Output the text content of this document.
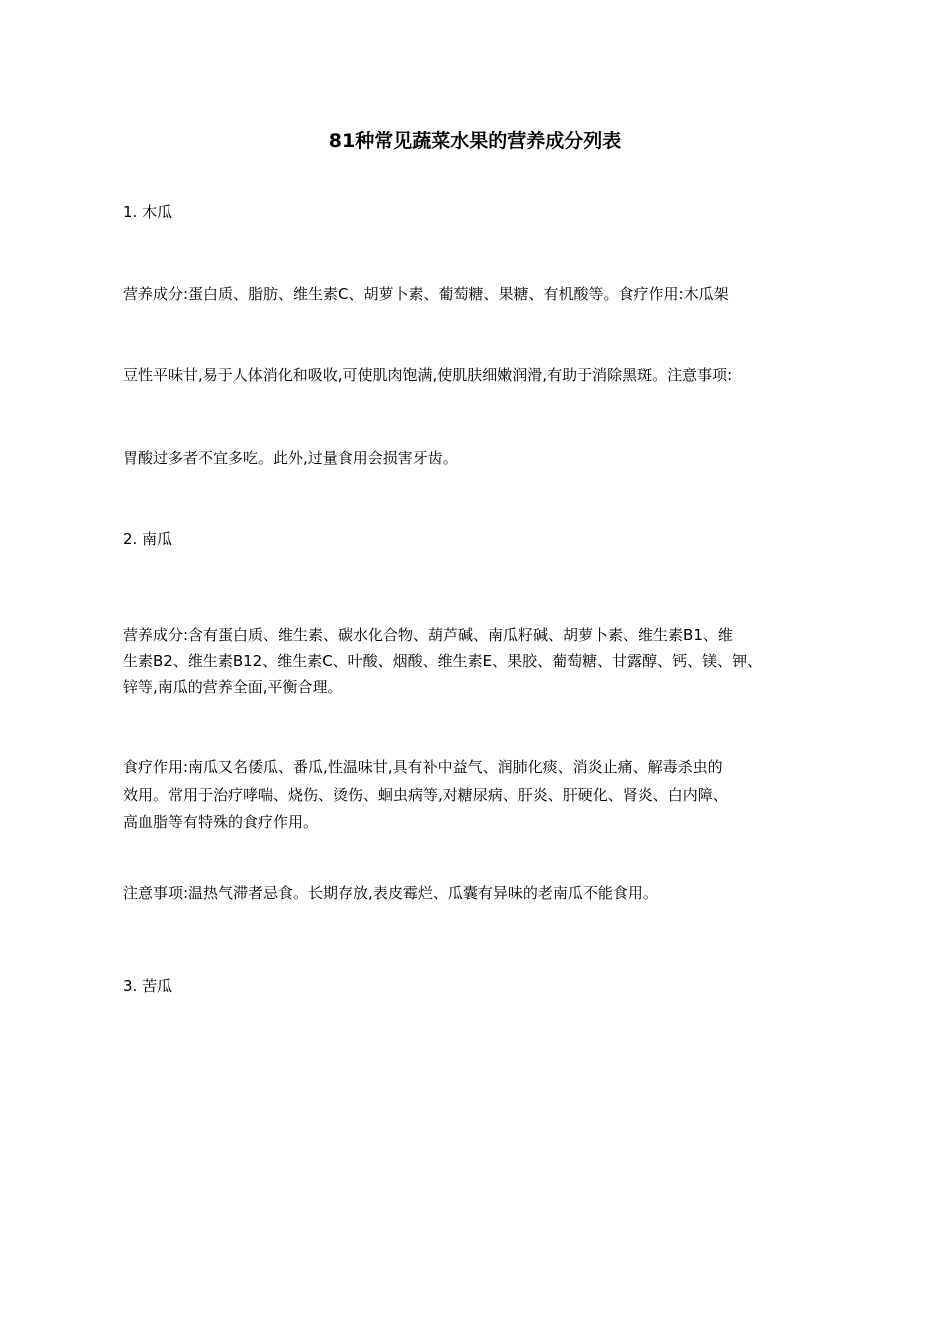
81种常见蔬菜水果的营养成分列表
1. 木瓜
营养成分:蛋白质、脂肪、维生素C、胡萝卜素、葡萄糖、果糖、有机酸等。食疗作用:木瓜架
豆性平味甘,易于人体消化和吸收,可使肌肉饱满,使肌肤细嫩润滑,有助于消除黑斑。注意事项:
胃酸过多者不宜多吃。此外,过量食用会损害牙齿。
2. 南瓜
营养成分:含有蛋白质、维生素、碳水化合物、葫芦碱、南瓜籽碱、胡萝卜素、维生素B1、维
生素B2、维生素B12、维生素C、叶酸、烟酸、维生素E、果胶、葡萄糖、甘露醇、钙、镁、钾、
锌等,南瓜的营养全面,平衡合理。
食疗作用:南瓜又名倭瓜、番瓜,性温味甘,具有补中益气、润肺化痰、消炎止痛、解毒杀虫的
效用。常用于治疗哮喘、烧伤、烫伤、蛔虫病等,对糖尿病、肝炎、肝硬化、肾炎、白内障、
高血脂等有特殊的食疗作用。
注意事项:温热气滞者忌食。长期存放,表皮霉烂、瓜囊有异味的老南瓜不能食用。
3. 苦瓜
